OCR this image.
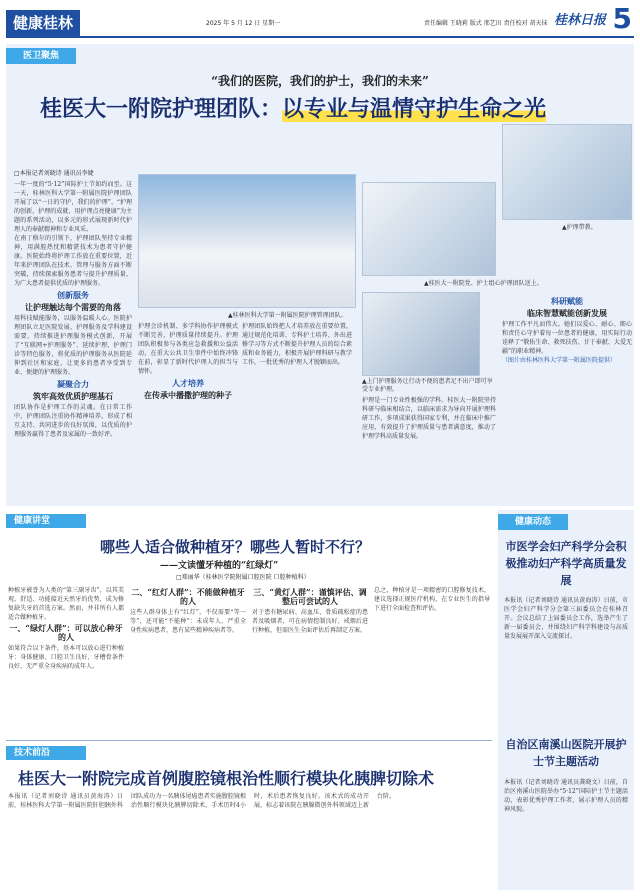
健康桂林	2025 年 5 月 12 日 星期一	责任编辑 王晓莉 版式 邢艺田 责任校对 胡天抹 桂林日报 5
医卫聚焦
“我们的医院，我们的护士，我们的未来”
桂医大一附院护理团队：以专业与温情守护生命之光
▲护理带教。
□本报记者刘晓诗 通讯员李婕

一年一度的“5·12”国际护士节如约而至。这一天，桂林医科大学第一附属医院护理团队开展了以“一日的守护，我们的护理”、“护理的创新，护理的成就、用护理点亮健康”为主题的系列活动，以多元的形式展现新时代护理人的奉献精神和专业风采。

在南丁格尔的引领下，护理团队坚持专业精神，用满腔热忱和精湛技术为患者守护健康。医院始终将护理工作放在重要位置，近年来护理团队在技术、管理与服务方面不断突破，持续探索服务患者与提升护理质量，为广大患者提供优质的护理服务。

创新服务
让护理触达每个需要的角落

用科技赋能服务，以服务温暖人心。医院护理团队立足医院发展、护理服务及学科建设需要，持续推进护理服务模式创新，开展了“互联网+护理服务”、延续护理、护理门诊等特色服务，将优质的护理服务从医院延伸到社区和家庭，让更多的患者享受到专业、便捷的护理服务。

凝聚合力
筑牢高效优质护理基石

团队协作是护理工作的灵魂。在日常工作中，护理团队注重协作精神培养，形成了相互支持、共同进步的良好氛围，以优质的护理服务赢得了患者及家属的一致好评。

▲桂林医科大学第一附属医院护理管理团队。

护理会诊机制、多学科协作护理模式不断完善，护理质量持续提升。护理团队积极参与各类应急救援和公益活动，在重大公共卫生事件中始终冲锋在前，彰显了新时代护理人的担当与情怀。

人才培养
在传承中播撒护理的种子

护理团队始终把人才培养放在重要位置，通过规范化培训、专科护士培养、外出进修学习等方式不断提升护理人员的综合素质和业务能力，积极开展护理科研与教学工作，一批优秀的护理人才脱颖而出。

▲桂医大一附院党、护士组心护理团队送上。
▲上门护理服务让行动不便的患者足不出户即可享受专业护理。

护理是一门专业性极强的学科。桂医大一附院坚持科研与临床相结合，以临床需求为导向开展护理科研工作，多项成果获得国家专利，并在临床中推广应用，有效提升了护理质量与患者满意度，推动了护理学科高质量发展。

科研赋能
临床智慧赋能创新发展

护理工作平凡而伟大。她们以爱心、耐心、细心和责任心守护着每一位患者的健康，用实际行动诠释了“敬佑生命、救死扶伤、甘于奉献、大爱无疆”的职业精神。

（图片由桂林医科大学第一附属医院提供）

健康讲堂
哪些人适合做种植牙？哪些人暂时不行？
——文读懂牙种植的“红绿灯”
□郑丽华（桂林医学院附属口腔医院 口腔种植科）

种植牙被誉为人类的“第三副牙齿”，以其美观、舒适、功能接近天然牙的优势，成为修复缺失牙的首选方案。然而，并非所有人都适合做种植牙。

一、“绿灯人群”：可以放心种牙的人

如果符合以下条件，基本可以放心进行种植牙：身体健康、口腔卫生良好、牙槽骨条件良好、无严重全身疾病的成年人。

二、“红灯人群”：不能做种植牙的人

这些人群身体上有“红灯”，不仅需要“等一等”，还可能“不能种”：未成年人、严重全身性疾病患者、患有某些精神疾病者等。

三、“黄灯人群”：谨慎评估、调整后可尝试的人

对于患有糖尿病、高血压、骨质疏松症的患者及吸烟者，可在病情控制良好、戒烟后进行种植，但需医生全面评估后再制定方案。

总之，种植牙是一项精密的口腔修复技术，建议选择正规医疗机构，在专业医生的指导下进行全面检查和评估。

技术前沿
桂医大一附院完成首例腹腔镜根治性顺行模块化胰脾切除术
本报讯（记者刘晓诗 通讯员黄海涛）日前，桂林医科大学第一附属医院肝胆胰外科团队成功为一名胰体尾癌患者实施腹腔镜根治性顺行模块化胰脾切除术，手术历时4小时，术后患者恢复良好。该术式的成功开展，标志着该院在胰腺微创外科领域迈上新台阶。
健康动态
市医学会妇产科学分会积极推动妇产科学高质量发展
本报讯（记者刘晓诗 通讯员黄海涛）日前，市医学会妇产科学分会第三届委员会在桂林召开。会议总结了上届委员会工作，选举产生了新一届委员会，并围绕妇产科学科建设与高质量发展展开深入交流探讨。
自治区南溪山医院开展护士节主题活动
本报讯（记者刘晓诗 通讯员龚晓文）日前，自治区南溪山医院举办“5·12”国际护士节主题活动，表彰优秀护理工作者，展示护理人员的精神风貌。
